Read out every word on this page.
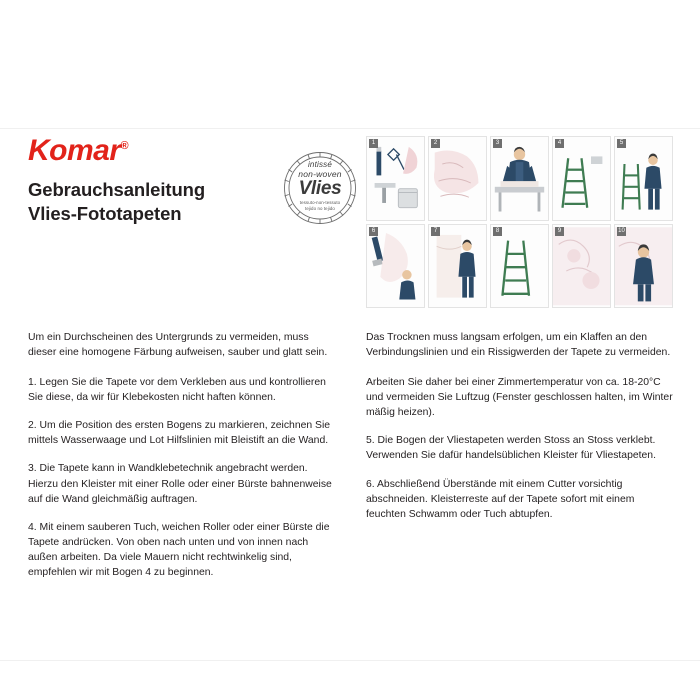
Komar®
Gebrauchsanleitung
Vlies-Fototapeten
intissé
non-woven
Vlies
tessuto-non-tessuto
tejido no tejido
1	2	3	4	5
6	7	8	9	10

Um ein Durchscheinen des Untergrunds zu vermeiden, muss dieser eine homogene Färbung aufweisen, sauber und glatt sein.

1. Legen Sie die Tapete vor dem Verkleben aus und kontrollieren Sie diese, da wir für Klebekosten nicht haften können.

2. Um die Position des ersten Bogens zu markieren, zeichnen Sie mittels Wasserwaage und Lot Hilfslinien mit Bleistift an die Wand.

3. Die Tapete kann in Wandklebetechnik angebracht werden. Hierzu den Kleister mit einer Rolle oder einer Bürste bahnenweise auf die Wand gleichmäßig auftragen.

4. Mit einem sauberen Tuch, weichen Roller oder einer Bürste die Tapete andrücken. Von oben nach unten und von innen nach außen arbeiten. Da viele Mauern nicht rechtwinkelig sind, empfehlen wir mit Bogen 4 zu beginnen.

Das Trocknen muss langsam erfolgen, um ein Klaffen an den Verbindungslinien und ein Rissigwerden der Tapete zu vermeiden.

Arbeiten Sie daher bei einer Zimmertemperatur von ca. 18-20°C und vermeiden Sie Luftzug (Fenster geschlossen halten, im Winter mäßig heizen).

5. Die Bogen der Vliestapeten werden Stoss an Stoss verklebt. Verwenden Sie dafür handelsüblichen Kleister für Vliestapeten.

6. Abschließend Überstände mit einem Cutter vorsichtig abschneiden. Kleisterreste auf der Tapete sofort mit einem feuchten Schwamm oder Tuch abtupfen.
